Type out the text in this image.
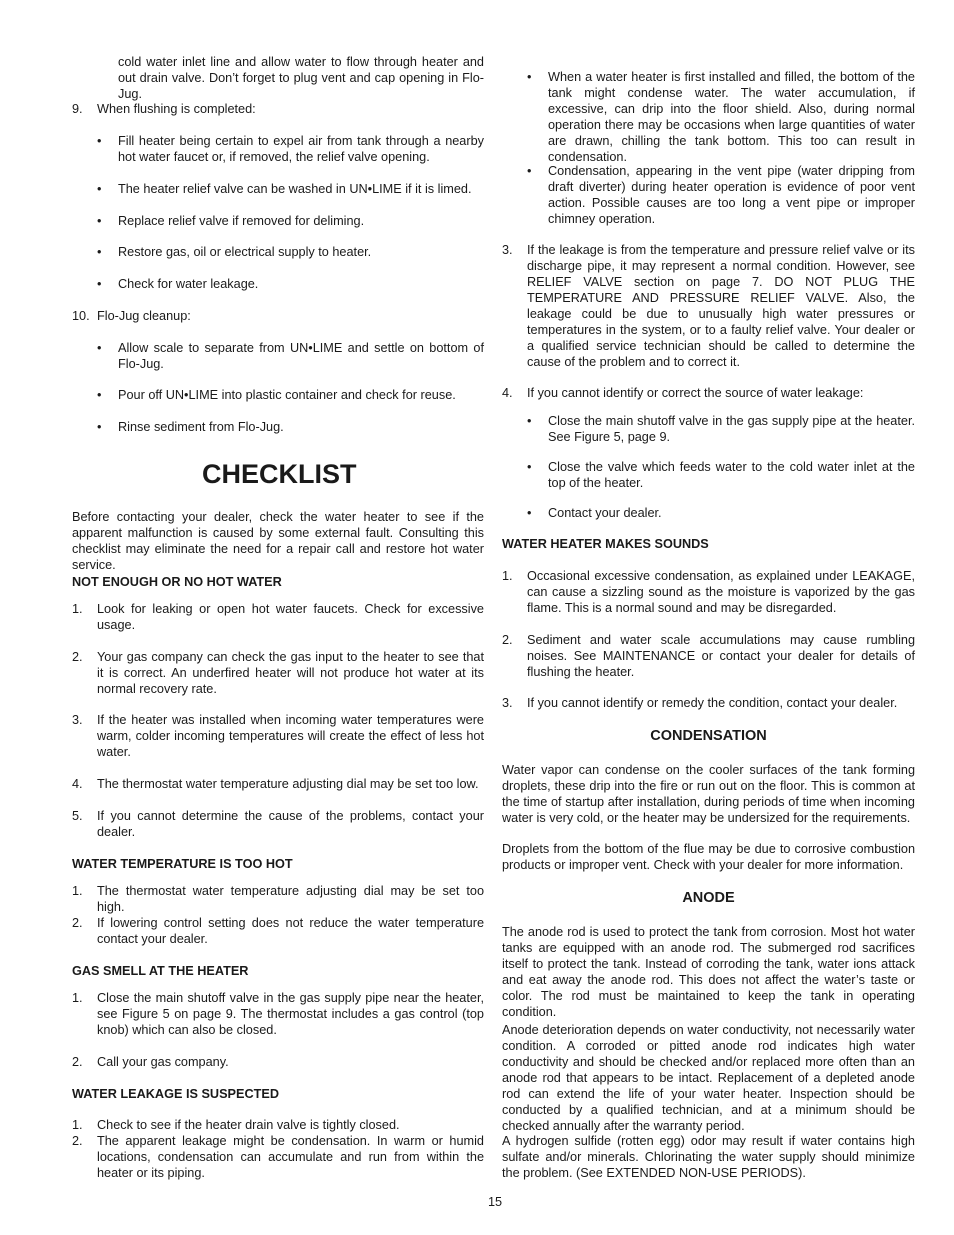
cold water inlet line and allow water to flow through heater and out drain valve. Don’t forget to plug vent and cap opening in Flo-Jug.
9. When flushing is completed:
• Fill heater being certain to expel air from tank through a nearby hot water faucet or, if removed, the relief valve opening.
• The heater relief valve can be washed in UN•LIME if it is limed.
• Replace relief valve if removed for deliming.
• Restore gas, oil or electrical supply to heater.
• Check for water leakage.
10. Flo-Jug cleanup:
• Allow scale to separate from UN•LIME and settle on bottom of Flo-Jug.
• Pour off UN•LIME into plastic container and check for reuse.
• Rinse sediment from Flo-Jug.
CHECKLIST
Before contacting your dealer, check the water heater to see if the apparent malfunction is caused by some external fault. Consulting this checklist may eliminate the need for a repair call and restore hot water service.
NOT ENOUGH OR NO HOT WATER
1. Look for leaking or open hot water faucets. Check for excessive usage.
2. Your gas company can check the gas input to the heater to see that it is correct. An underfired heater will not produce hot water at its normal recovery rate.
3. If the heater was installed when incoming water temperatures were warm, colder incoming temperatures will create the effect of less hot water.
4. The thermostat water temperature adjusting dial may be set too low.
5. If you cannot determine the cause of the problems, contact your dealer.
WATER TEMPERATURE IS TOO HOT
1. The thermostat water temperature adjusting dial may be set too high.
2. If lowering control setting does not reduce the water temperature contact your dealer.
GAS SMELL AT THE HEATER
1. Close the main shutoff valve in the gas supply pipe near the heater, see Figure 5 on page 9. The thermostat includes a gas control (top knob) which can also be closed.
2. Call your gas company.
WATER LEAKAGE IS SUSPECTED
1. Check to see if the heater drain valve is tightly closed.
2. The apparent leakage might be condensation. In warm or humid locations, condensation can accumulate and run from within the heater or its piping.
• When a water heater is first installed and filled, the bottom of the tank might condense water. The water accumulation, if excessive, can drip into the floor shield. Also, during normal operation there may be occasions when large quantities of water are drawn, chilling the tank bottom. This too can result in condensation.
• Condensation, appearing in the vent pipe (water dripping from draft diverter) during heater operation is evidence of poor vent action. Possible causes are too long a vent pipe or improper chimney operation.
3. If the leakage is from the temperature and pressure relief valve or its discharge pipe, it may represent a normal condition. However, see RELIEF VALVE section on page 7. DO NOT PLUG THE TEMPERATURE AND PRESSURE RELIEF VALVE. Also, the leakage could be due to unusually high water pressures or temperatures in the system, or to a faulty relief valve. Your dealer or a qualified service technician should be called to determine the cause of the problem and to correct it.
4. If you cannot identify or correct the source of water leakage:
• Close the main shutoff valve in the gas supply pipe at the heater. See Figure 5, page 9.
• Close the valve which feeds water to the cold water inlet at the top of the heater.
• Contact your dealer.
WATER HEATER MAKES SOUNDS
1. Occasional excessive condensation, as explained under LEAKAGE, can cause a sizzling sound as the moisture is vaporized by the gas flame. This is a normal sound and may be disregarded.
2. Sediment and water scale accumulations may cause rumbling noises. See MAINTENANCE or contact your dealer for details of flushing the heater.
3. If you cannot identify or remedy the condition, contact your dealer.
CONDENSATION
Water vapor can condense on the cooler surfaces of the tank forming droplets, these drip into the fire or run out on the floor. This is common at the time of startup after installation, during periods of time when incoming water is very cold, or the heater may be undersized for the requirements.
Droplets from the bottom of the flue may be due to corrosive combustion products or improper vent. Check with your dealer for more information.
ANODE
The anode rod is used to protect the tank from corrosion. Most hot water tanks are equipped with an anode rod. The submerged rod sacrifices itself to protect the tank. Instead of corroding the tank, water ions attack and eat away the anode rod. This does not affect the water’s taste or color. The rod must be maintained to keep the tank in operating condition.
Anode deterioration depends on water conductivity, not necessarily water condition. A corroded or pitted anode rod indicates high water conductivity and should be checked and/or replaced more often than an anode rod that appears to be intact. Replacement of a depleted anode rod can extend the life of your water heater. Inspection should be conducted by a qualified technician, and at a minimum should be checked annually after the warranty period.
A hydrogen sulfide (rotten egg) odor may result if water contains high sulfate and/or minerals. Chlorinating the water supply should minimize the problem. (See EXTENDED NON-USE PERIODS).
15
